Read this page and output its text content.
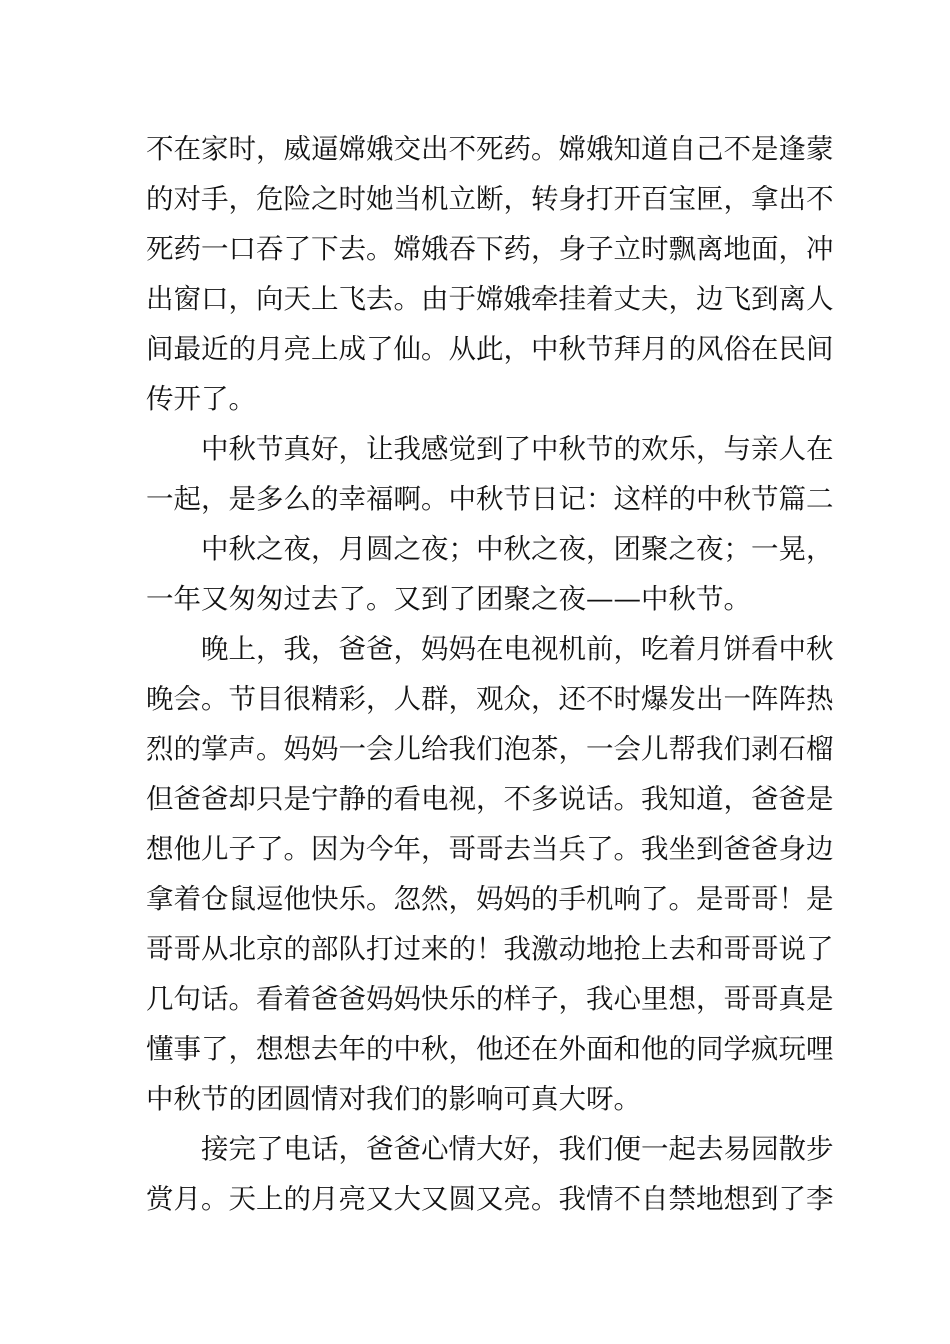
不在家时，威逼嫦娥交出不死药。嫦娥知道自己不是逢蒙
的对手，危险之时她当机立断，转身打开百宝匣，拿出不
死药一口吞了下去。嫦娥吞下药，身子立时飘离地面，冲
出窗口，向天上飞去。由于嫦娥牵挂着丈夫，边飞到离人
间最近的月亮上成了仙。从此，中秋节拜月的风俗在民间
传开了。
中秋节真好，让我感觉到了中秋节的欢乐，与亲人在
一起，是多么的幸福啊。中秋节日记：这样的中秋节篇二
中秋之夜，月圆之夜；中秋之夜，团聚之夜；一晃，
一年又匆匆过去了。又到了团聚之夜——中秋节。
晚上，我，爸爸，妈妈在电视机前，吃着月饼看中秋
晚会。节目很精彩，人群，观众，还不时爆发出一阵阵热
烈的掌声。妈妈一会儿给我们泡茶，一会儿帮我们剥石榴
但爸爸却只是宁静的看电视，不多说话。我知道，爸爸是
想他儿子了。因为今年，哥哥去当兵了。我坐到爸爸身边
拿着仓鼠逗他快乐。忽然，妈妈的手机响了。是哥哥！是
哥哥从北京的部队打过来的！我激动地抢上去和哥哥说了
几句话。看着爸爸妈妈快乐的样子，我心里想，哥哥真是
懂事了，想想去年的中秋，他还在外面和他的同学疯玩哩
中秋节的团圆情对我们的影响可真大呀。
接完了电话，爸爸心情大好，我们便一起去易园散步
赏月。天上的月亮又大又圆又亮。我情不自禁地想到了李
